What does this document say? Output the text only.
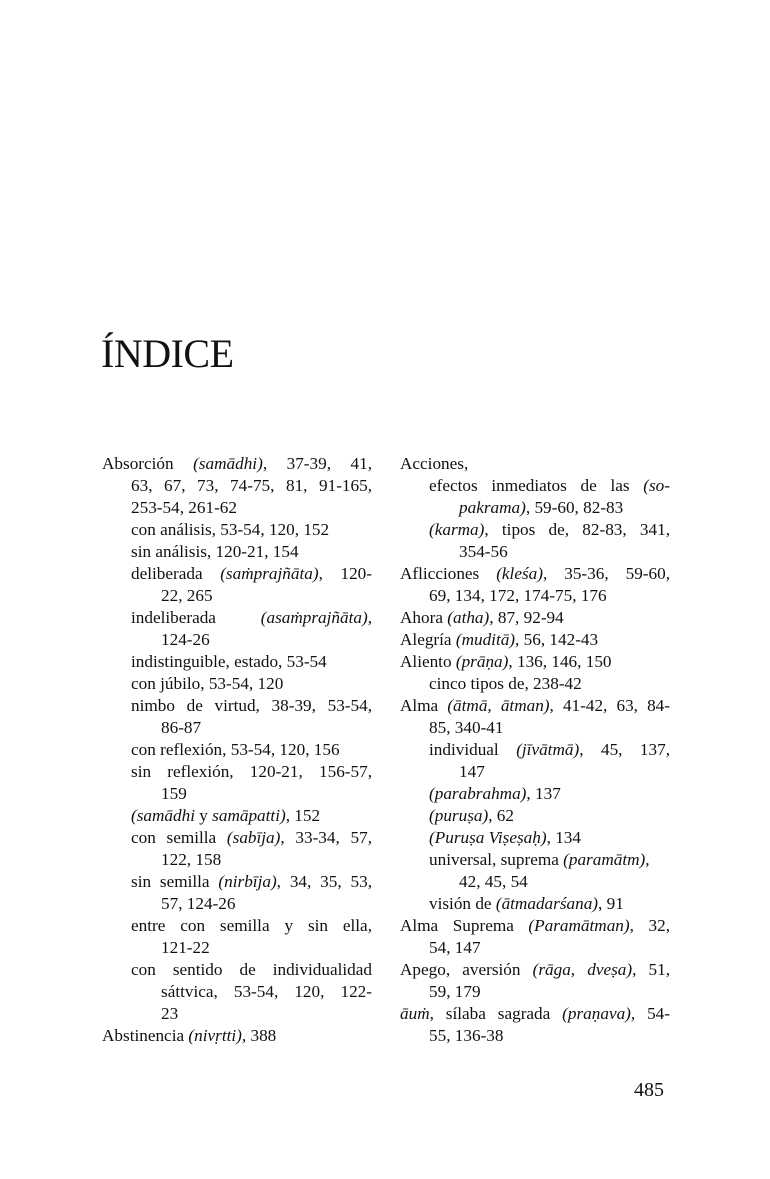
ÍNDICE
Absorción (samādhi), 37-39, 41,
63, 67, 73, 74-75, 81, 91-165,
253-54, 261-62
con análisis, 53-54, 120, 152
sin análisis, 120-21, 154
deliberada (saṁprajñāta), 120-
22, 265
indeliberada (asaṁprajñāta),
124-26
indistinguible, estado, 53-54
con júbilo, 53-54, 120
nimbo de virtud, 38-39, 53-54,
86-87
con reflexión, 53-54, 120, 156
sin reflexión, 120-21, 156-57,
159
(samādhi y samāpatti), 152
con semilla (sabīja), 33-34, 57,
122, 158
sin semilla (nirbīja), 34, 35, 53,
57, 124-26
entre con semilla y sin ella,
121-22
con sentido de individualidad
sáttvica, 53-54, 120, 122-
23
Abstinencia (nivṛtti), 388
Acciones,
efectos inmediatos de las (so-
pakrama), 59-60, 82-83
(karma), tipos de, 82-83, 341,
354-56
Aflicciones (kleśa), 35-36, 59-60,
69, 134, 172, 174-75, 176
Ahora (atha), 87, 92-94
Alegría (muditā), 56, 142-43
Aliento (prāṇa), 136, 146, 150
cinco tipos de, 238-42
Alma (ātmā, ātman), 41-42, 63, 84-
85, 340-41
individual (jīvātmā), 45, 137,
147
(parabrahma), 137
(puruṣa), 62
(Puruṣa Viṣeṣaḥ), 134
universal, suprema (paramātm),
42, 45, 54
visión de (ātmadarśana), 91
Alma Suprema (Paramātman), 32,
54, 147
Apego, aversión (rāga, dveṣa), 51,
59, 179
āuṁ, sílaba sagrada (praṇava), 54-
55, 136-38
485
